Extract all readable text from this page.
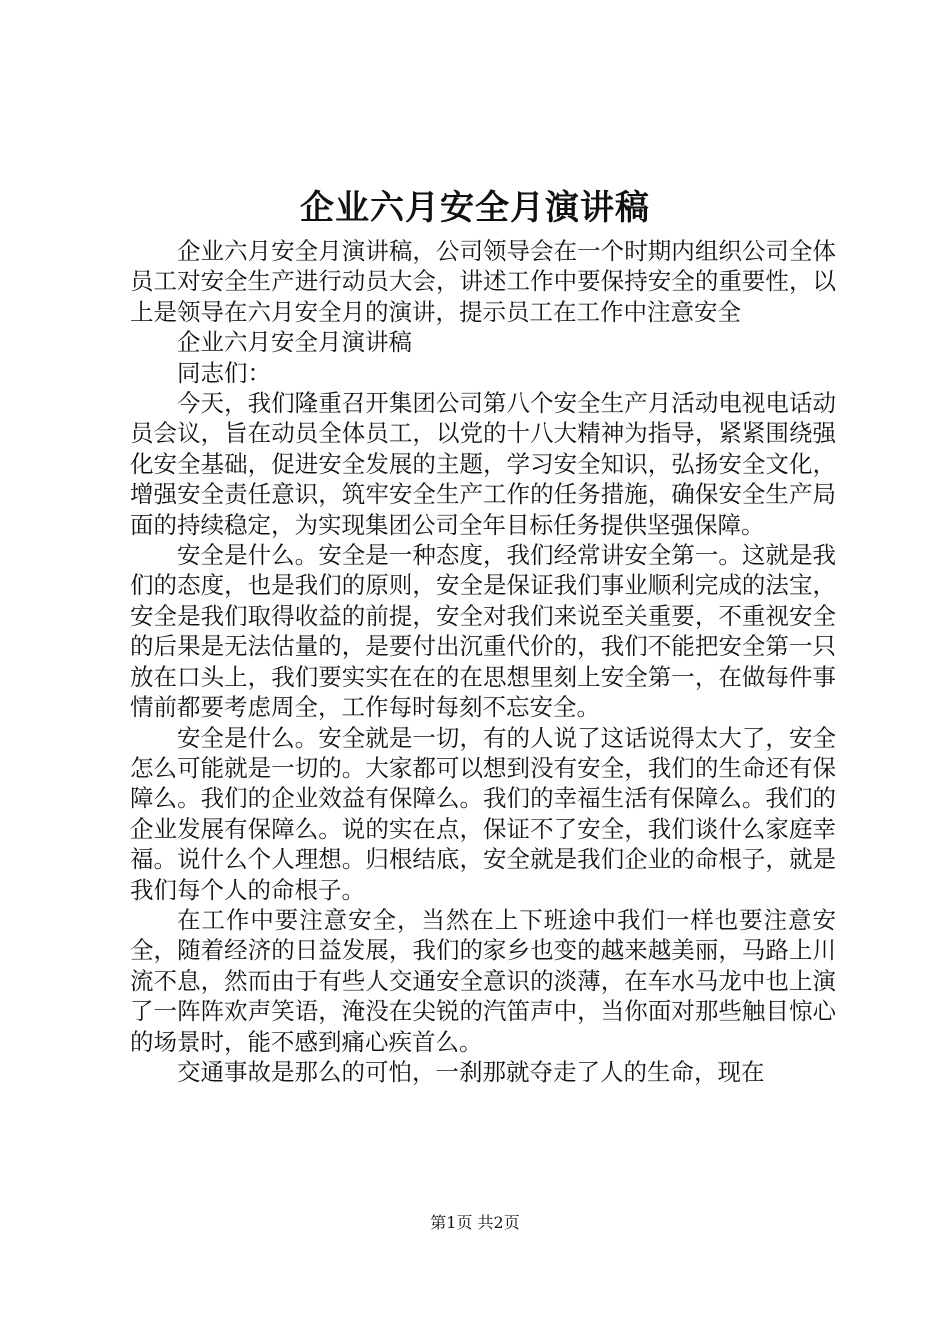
企业六月安全月演讲稿

企业六月安全月演讲稿，公司领导会在一个时期内组织公司全体员工对安全生产进行动员大会，讲述工作中要保持安全的重要性，以上是领导在六月安全月的演讲，提示员工在工作中注意安全

企业六月安全月演讲稿

同志们：

今天，我们隆重召开集团公司第八个安全生产月活动电视电话动员会议，旨在动员全体员工，以党的十八大精神为指导，紧紧围绕强化安全基础，促进安全发展的主题，学习安全知识，弘扬安全文化，增强安全责任意识，筑牢安全生产工作的任务措施，确保安全生产局面的持续稳定，为实现集团公司全年目标任务提供坚强保障。

安全是什么。安全是一种态度，我们经常讲安全第一。这就是我们的态度，也是我们的原则，安全是保证我们事业顺利完成的法宝，安全是我们取得收益的前提，安全对我们来说至关重要，不重视安全的后果是无法估量的，是要付出沉重代价的，我们不能把安全第一只放在口头上，我们要实实在在的在思想里刻上安全第一，在做每件事情前都要考虑周全，工作每时每刻不忘安全。

安全是什么。安全就是一切，有的人说了这话说得太大了，安全怎么可能就是一切的。大家都可以想到没有安全，我们的生命还有保障么。我们的企业效益有保障么。我们的幸福生活有保障么。我们的企业发展有保障么。说的实在点，保证不了安全，我们谈什么家庭幸福。说什么个人理想。归根结底，安全就是我们企业的命根子，就是我们每个人的命根子。

在工作中要注意安全，当然在上下班途中我们一样也要注意安全，随着经济的日益发展，我们的家乡也变的越来越美丽，马路上川流不息，然而由于有些人交通安全意识的淡薄，在车水马龙中也上演了一阵阵欢声笑语，淹没在尖锐的汽笛声中，当你面对那些触目惊心的场景时，能不感到痛心疾首么。

交通事故是那么的可怕，一刹那就夺走了人的生命，现在

第1页 共2页
